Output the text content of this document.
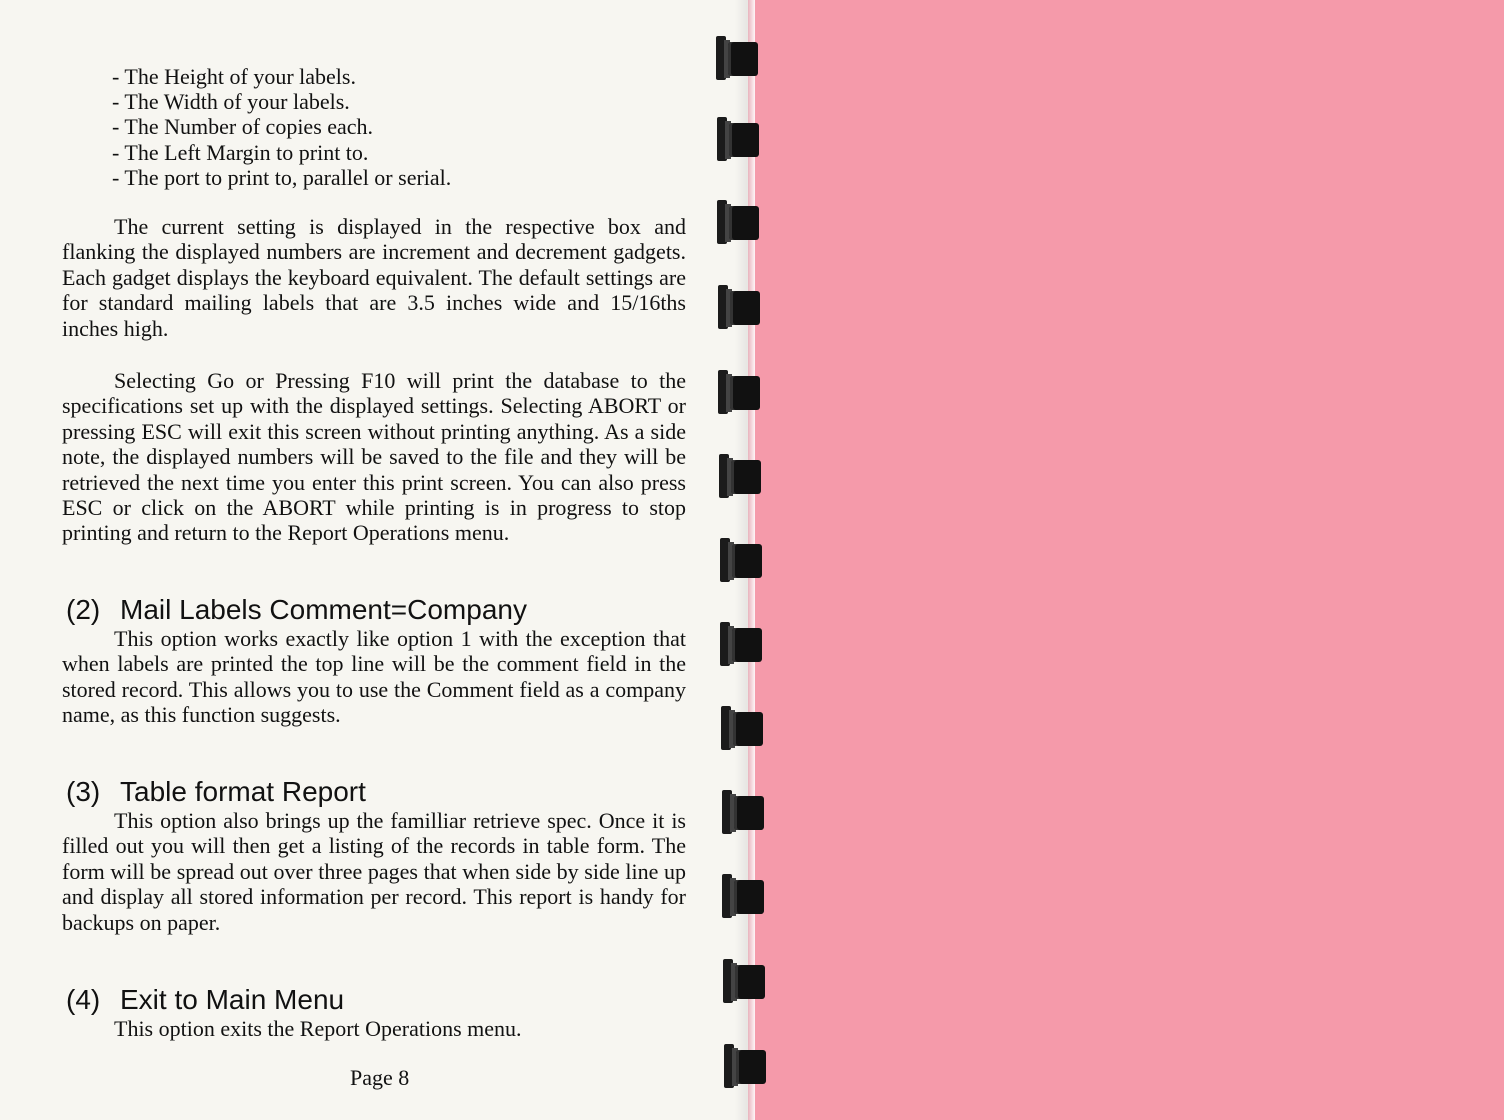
- The Height of your labels.
- The Width of your labels.
- The Number of copies each.
- The Left Margin to print to.
- The port to print to, parallel or serial.
The current setting is displayed in the respective box and flanking the displayed numbers are increment and decrement gadgets. Each gadget displays the keyboard equivalent. The default settings are for standard mailing labels that are 3.5 inches wide and 15/16ths inches high.
Selecting Go or Pressing F10 will print the database to the specifications set up with the displayed settings. Selecting ABORT or pressing ESC will exit this screen without printing anything. As a side note, the displayed numbers will be saved to the file and they will be retrieved the next time you enter this print screen. You can also press ESC or click on the ABORT while printing is in progress to stop printing and return to the Report Operations menu.
(2) Mail Labels Comment=Company
This option works exactly like option 1 with the exception that when labels are printed the top line will be the comment field in the stored record. This allows you to use the Comment field as a company name, as this function suggests.
(3) Table format Report
This option also brings up the familliar retrieve spec. Once it is filled out you will then get a listing of the records in table form. The form will be spread out over three pages that when side by side line up and display all stored information per record. This report is handy for backups on paper.
(4) Exit to Main Menu
This option exits the Report Operations menu.
Page 8
